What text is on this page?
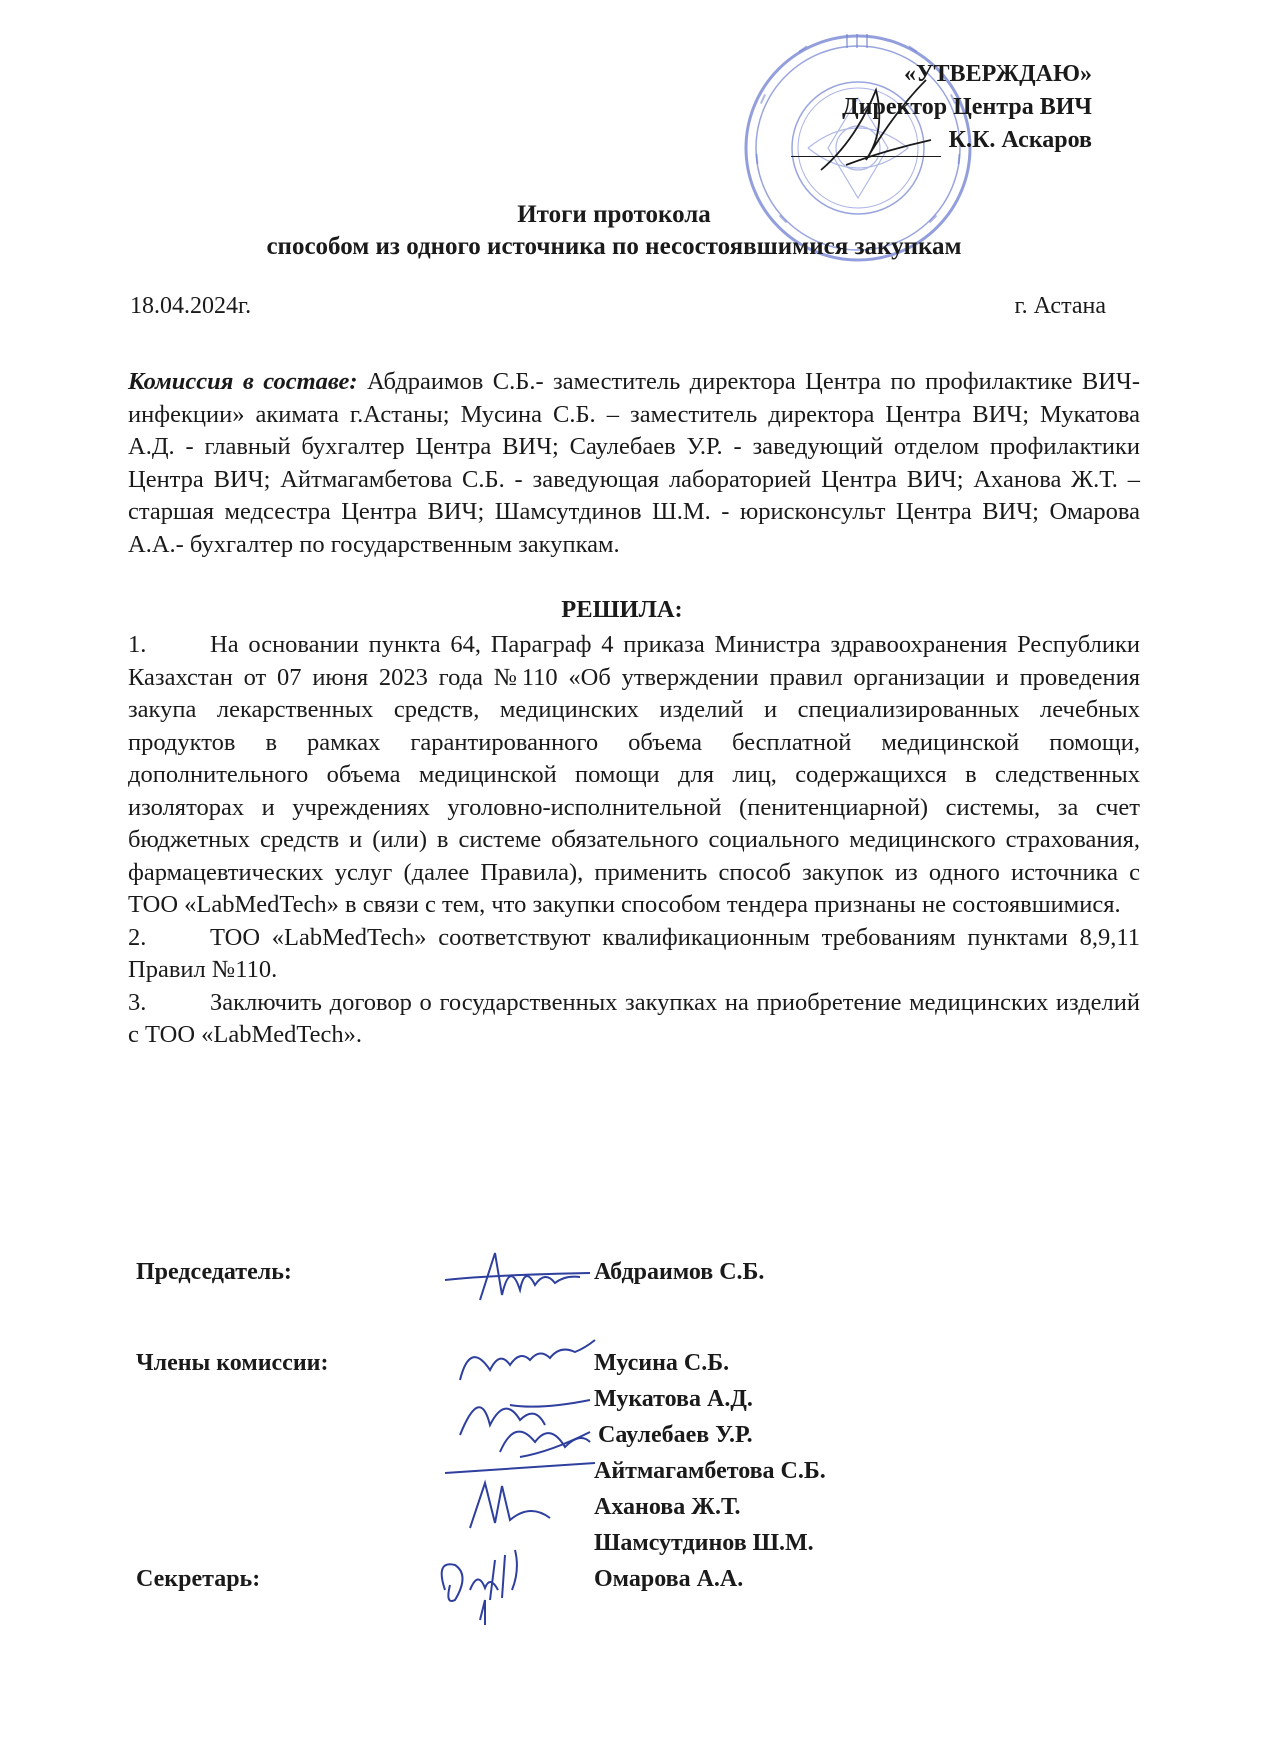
«УТВЕРЖДАЮ»
Директор Центра ВИЧ
К.К. Аскаров
Итоги протокола
способом из одного источника по несостоявшимися закупкам
18.04.2024г.	г. Астана
Комиссия в составе: Абдраимов С.Б.- заместитель директора Центра по профилактике ВИЧ-инфекции» акимата г.Астаны; Мусина С.Б. – заместитель директора Центра ВИЧ; Мукатова А.Д. - главный бухгалтер Центра ВИЧ; Саулебаев У.Р. - заведующий отделом профилактики Центра ВИЧ; Айтмагамбетова С.Б. - заведующая лабораторией Центра ВИЧ; Аханова Ж.Т. – старшая медсестра Центра ВИЧ; Шамсутдинов Ш.М. - юрисконсульт Центра ВИЧ; Омарова А.А.- бухгалтер по государственным закупкам.
РЕШИЛА:
1.	На основании пункта 64, Параграф 4 приказа Министра здравоохранения Республики Казахстан от 07 июня 2023 года №110 «Об утверждении правил организации и проведения закупа лекарственных средств, медицинских изделий и специализированных лечебных продуктов в рамках гарантированного объема бесплатной медицинской помощи, дополнительного объема медицинской помощи для лиц, содержащихся в следственных изоляторах и учреждениях уголовно-исполнительной (пенитенциарной) системы, за счет бюджетных средств и (или) в системе обязательного социального медицинского страхования, фармацевтических услуг (далее Правила), применить способ закупок из одного источника с ТОО «LabMedTech» в связи с тем, что закупки способом тендера признаны не состоявшимися.
2.	ТОО «LabMedTech» соответствуют квалификационным требованиям пунктами 8,9,11 Правил №110.
3.	Заключить договор о государственных закупках на приобретение медицинских изделий с ТОО «LabMedTech».
Председатель:	Абдраимов С.Б.
Члены комиссии:	Мусина С.Б.
Мукатова А.Д.
Саулебаев У.Р.
Айтмагамбетова С.Б.
Аханова Ж.Т.
Шамсутдинов Ш.М.
Секретарь:	Омарова А.А.
